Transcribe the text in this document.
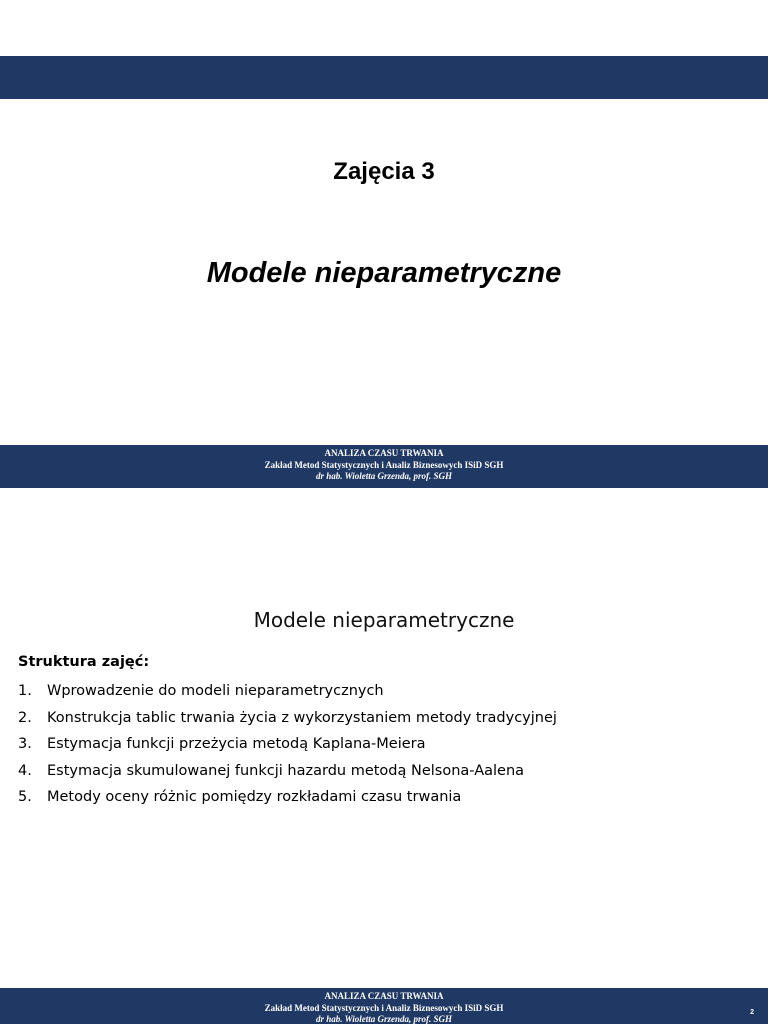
Zajęcia 3
Modele nieparametryczne
ANALIZA CZASU TRWANIA
Zakład Metod Statystycznych i Analiz Biznesowych ISiD SGH
dr hab. Wioletta Grzenda, prof. SGH
Modele nieparametryczne
Struktura zajęć:
1. Wprowadzenie do modeli nieparametrycznych
2. Konstrukcja tablic trwania życia z wykorzystaniem metody tradycyjnej
3. Estymacja funkcji przeżycia metodą Kaplana-Meiera
4. Estymacja skumulowanej funkcji hazardu metodą Nelsona-Aalena
5. Metody oceny różnic pomiędzy rozkładami czasu trwania
ANALIZA CZASU TRWANIA
Zakład Metod Statystycznych i Analiz Biznesowych ISiD SGH
dr hab. Wioletta Grzenda, prof. SGH
2
